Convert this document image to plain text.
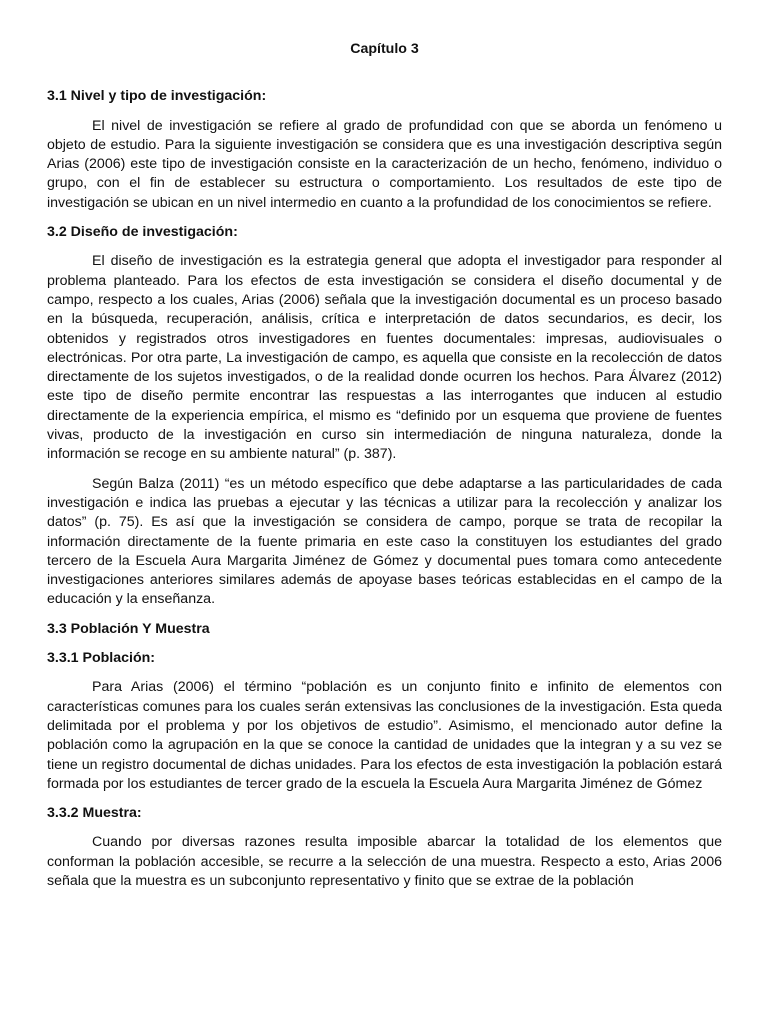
Capítulo 3
3.1 Nivel y tipo de investigación:

El nivel de investigación se refiere al grado de profundidad con que se aborda un fenómeno u objeto de estudio. Para la siguiente investigación se considera que es una investigación descriptiva según Arias (2006) este tipo de investigación consiste en la caracterización de un hecho, fenómeno, individuo o grupo, con el fin de establecer su estructura o comportamiento. Los resultados de este tipo de investigación se ubican en un nivel intermedio en cuanto a la profundidad de los conocimientos se refiere.

3.2 Diseño de investigación:

El diseño de investigación es la estrategia general que adopta el investigador para responder al problema planteado. Para los efectos de esta investigación se considera el diseño documental y de campo, respecto a los cuales, Arias (2006) señala que la investigación documental es un proceso basado en la búsqueda, recuperación, análisis, crítica e interpretación de datos secundarios, es decir, los obtenidos y registrados otros investigadores en fuentes documentales: impresas, audiovisuales o electrónicas. Por otra parte, La investigación de campo, es aquella que consiste en la recolección de datos directamente de los sujetos investigados, o de la realidad donde ocurren los hechos. Para Álvarez (2012) este tipo de diseño permite encontrar las respuestas a las interrogantes que inducen al estudio directamente de la experiencia empírica, el mismo es “definido por un esquema que proviene de fuentes vivas, producto de la investigación en curso sin intermediación de ninguna naturaleza, donde la información se recoge en su ambiente natural” (p. 387).

Según Balza (2011) “es un método específico que debe adaptarse a las particularidades de cada investigación e indica las pruebas a ejecutar y las técnicas a utilizar para la recolección y analizar los datos” (p. 75). Es así que la investigación se considera de campo, porque se trata de recopilar la información directamente de la fuente primaria en este caso la constituyen los estudiantes del grado tercero de la Escuela Aura Margarita Jiménez de Gómez y documental pues tomara como antecedente investigaciones anteriores similares además de apoyase bases teóricas establecidas en el campo de la educación y la enseñanza.

3.3 Población Y Muestra
3.3.1 Población:

Para Arias (2006) el término “población es un conjunto finito e infinito de elementos con características comunes para los cuales serán extensivas las conclusiones de la investigación. Esta queda delimitada por el problema y por los objetivos de estudio”. Asimismo, el mencionado autor define la población como la agrupación en la que se conoce la cantidad de unidades que la integran y a su vez se tiene un registro documental de dichas unidades. Para los efectos de esta investigación la población estará formada por los estudiantes de tercer grado de la escuela la Escuela Aura Margarita Jiménez de Gómez

3.3.2 Muestra:

Cuando por diversas razones resulta imposible abarcar la totalidad de los elementos que conforman la población accesible, se recurre a la selección de una muestra. Respecto a esto, Arias 2006 señala que la muestra es un subconjunto representativo y finito que se extrae de la población
